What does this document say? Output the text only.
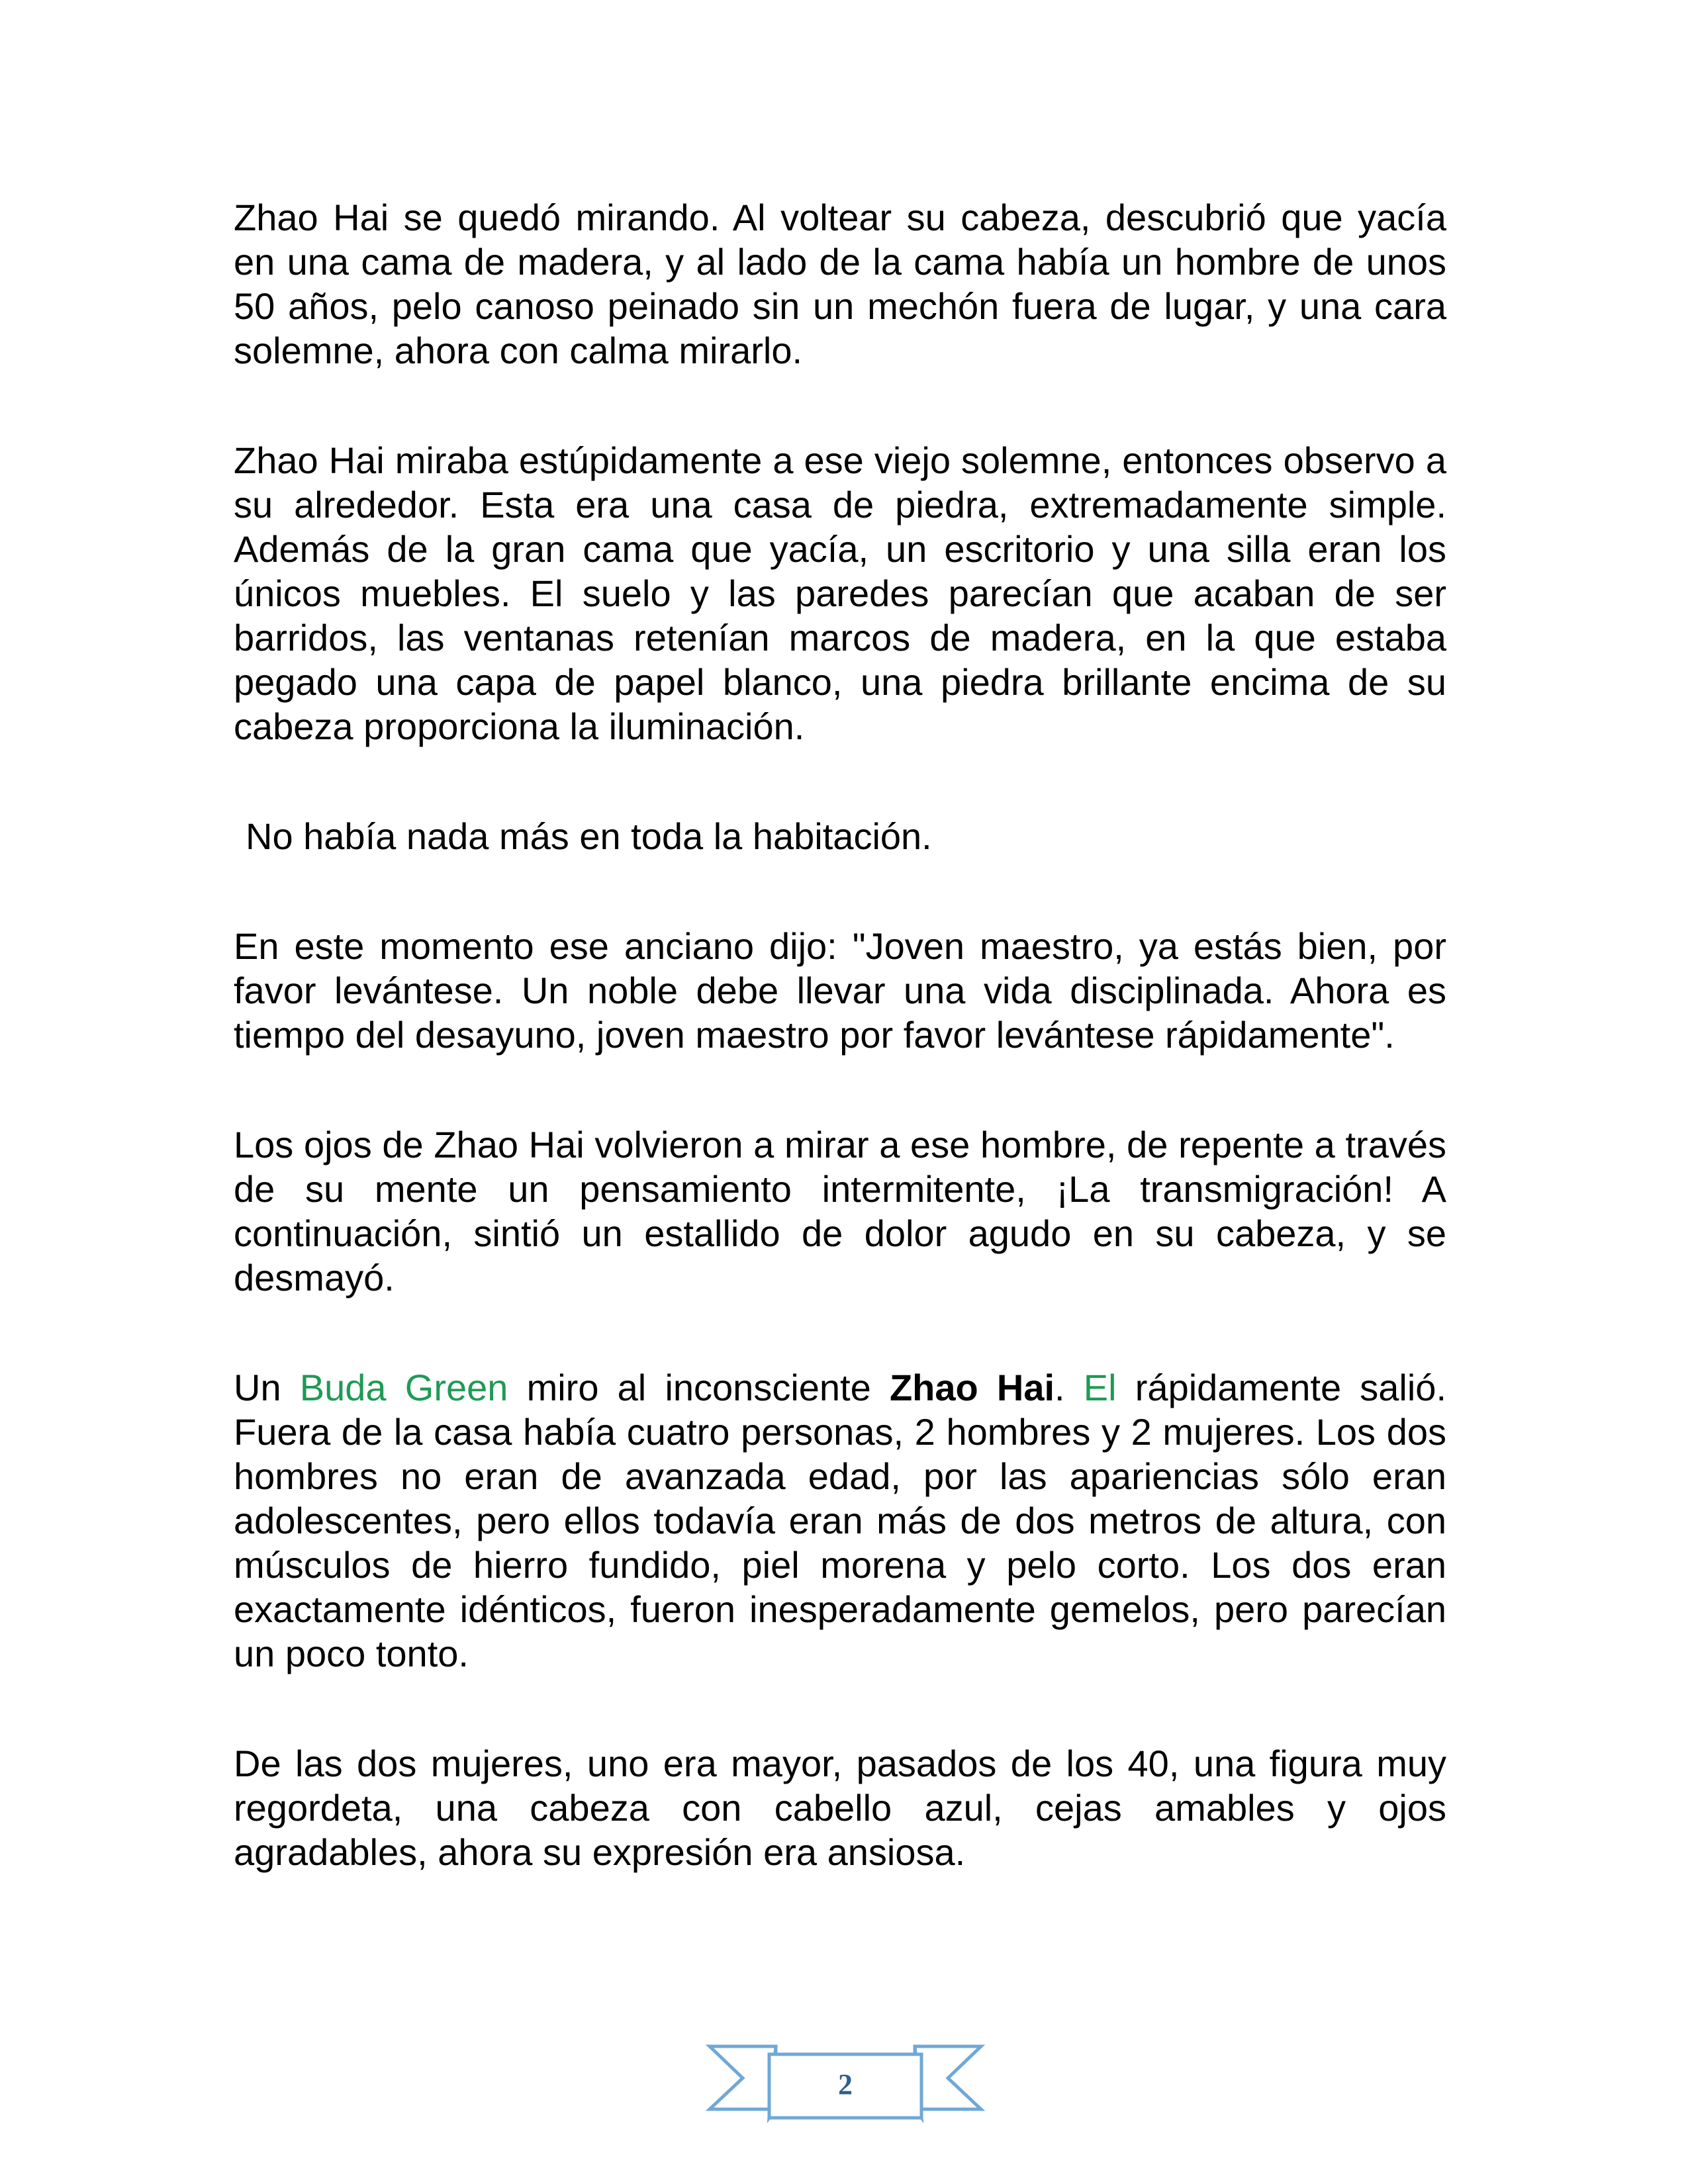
Zhao Hai se quedó mirando. Al voltear su cabeza, descubrió que yacía en una cama de madera, y al lado de la cama había un hombre de unos 50 años, pelo canoso peinado sin un mechón fuera de lugar, y una cara solemne, ahora con calma mirarlo.

Zhao Hai miraba estúpidamente a ese viejo solemne, entonces observo a su alrededor. Esta era una casa de piedra, extremadamente simple. Además de la gran cama que yacía, un escritorio y una silla eran los únicos muebles. El suelo y las paredes parecían que acaban de ser barridos, las ventanas retenían marcos de madera, en la que estaba pegado una capa de papel blanco, una piedra brillante encima de su cabeza proporciona la iluminación.

No había nada más en toda la habitación.

En este momento ese anciano dijo: "Joven maestro, ya estás bien, por favor levántese. Un noble debe llevar una vida disciplinada. Ahora es tiempo del desayuno, joven maestro por favor levántese rápidamente".

Los ojos de Zhao Hai volvieron a mirar a ese hombre, de repente a través de su mente un pensamiento intermitente, ¡La transmigración! A continuación, sintió un estallido de dolor agudo en su cabeza, y se desmayó.

Un Buda Green miro al inconsciente Zhao Hai. El rápidamente salió. Fuera de la casa había cuatro personas, 2 hombres y 2 mujeres. Los dos hombres no eran de avanzada edad, por las apariencias sólo eran adolescentes, pero ellos todavía eran más de dos metros de altura, con músculos de hierro fundido, piel morena y pelo corto. Los dos eran exactamente idénticos, fueron inesperadamente gemelos, pero parecían un poco tonto.

De las dos mujeres, uno era mayor, pasados de los 40, una figura muy regordeta, una cabeza con cabello azul, cejas amables y ojos agradables, ahora su expresión era ansiosa.

2
